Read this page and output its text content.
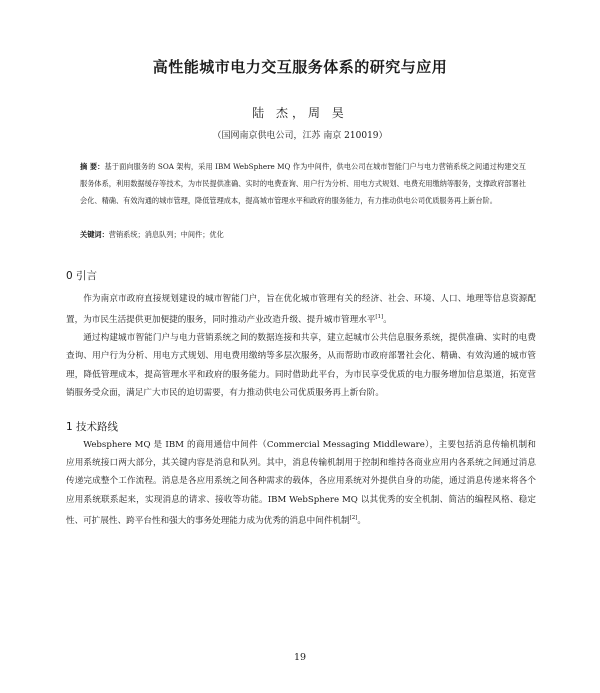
高性能城市电力交互服务体系的研究与应用
陆 杰，周 昊
（国网南京供电公司，江苏 南京 210019）
摘 要：基于面向服务的 SOA 架构，采用 IBM WebSphere MQ 作为中间件，供电公司在城市智能门户与电力营销系统之间通过构建交互服务体系，利用数据缓存等技术，为市民提供准确、实时的电费查询、用户行为分析、用电方式规划、电费充用缴纳等服务，支撑政府部署社会化、精确、有效沟通的城市管理，降低管理成本，提高城市管理水平和政府的服务能力，有力推动供电公司优质服务再上新台阶。
关键词：营销系统；消息队列；中间件；优化
0 引言

作为南京市政府直接规划建设的城市智能门户，旨在优化城市管理有关的经济、社会、环境、人口、地理等信息资源配置，为市民生活提供更加便捷的服务，同时推动产业改造升级、提升城市管理水平[1]。

通过构建城市智能门户与电力营销系统之间的数据连接和共享，建立起城市公共信息服务系统，提供准确、实时的电费查询、用户行为分析、用电方式规划、用电费用缴纳等多层次服务，从而帮助市政府部署社会化、精确、有效沟通的城市管理，降低管理成本，提高管理水平和政府的服务能力。同时借助此平台，为市民享受优质的电力服务增加信息渠道，拓宽营销服务受众面，满足广大市民的迫切需要，有力推动供电公司优质服务再上新台阶。

1 技术路线

Websphere MQ 是 IBM 的商用通信中间件（Commercial Messaging Middleware），主要包括消息传输机制和应用系统接口两大部分，其关键内容是消息和队列。其中，消息传输机制用于控制和维持各商业应用内各系统之间通过消息传递完成整个工作流程。消息是各应用系统之间各种需求的载体，各应用系统对外提供自身的功能，通过消息传递来将各个应用系统联系起来，实现消息的请求、接收等功能。IBM WebSphere MQ 以其优秀的安全机制、简洁的编程风格、稳定性、可扩展性、跨平台性和强大的事务处理能力成为优秀的消息中间件机制[2]。

19
